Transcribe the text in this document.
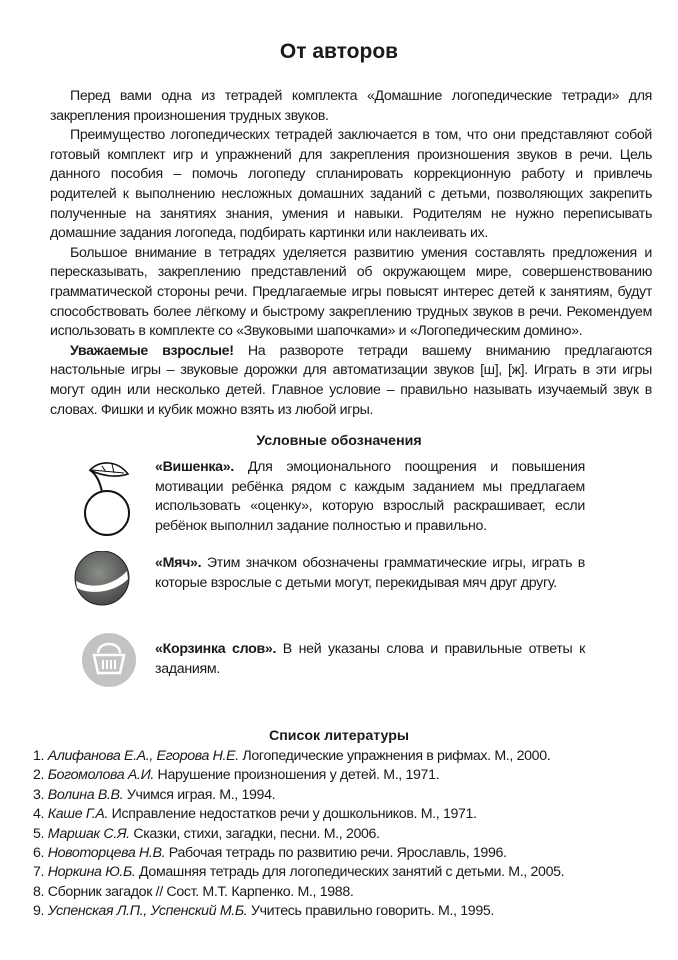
От авторов

Перед вами одна из тетрадей комплекта «Домашние логопедические тетради» для закрепления произношения трудных звуков.

Преимущество логопедических тетрадей заключается в том, что они представляют собой готовый комплект игр и упражнений для закрепления произношения звуков в речи. Цель данного пособия – помочь логопеду спланировать коррекционную работу и привлечь родителей к выполнению несложных домашних заданий с детьми, позволяющих закрепить полученные на занятиях знания, умения и навыки. Родителям не нужно переписывать домашние задания логопеда, подбирать картинки или наклеивать их.

Большое внимание в тетрадях уделяется развитию умения составлять предложения и пересказывать, закреплению представлений об окружающем мире, совершенствованию грамматической стороны речи. Предлагаемые игры повысят интерес детей к занятиям, будут способствовать более лёгкому и быстрому закреплению трудных звуков в речи. Рекомендуем использовать в комплекте со «Звуковыми шапочками» и «Логопедическим домино».

Уважаемые взрослые! На развороте тетради вашему вниманию предлагаются настольные игры – звуковые дорожки для автоматизации звуков [ш], [ж]. Играть в эти игры могут один или несколько детей. Главное условие – правильно называть изучаемый звук в словах. Фишки и кубик можно взять из любой игры.

Условные обозначения
«Вишенка». Для эмоционального поощрения и повышения мотивации ребёнка рядом с каждым заданием мы предлагаем использовать «оценку», которую взрослый раскрашивает, если ребёнок выполнил задание полностью и правильно.
«Мяч». Этим значком обозначены грамматические игры, играть в которые взрослые с детьми могут, перекидывая мяч друг другу.
«Корзинка слов». В ней указаны слова и правильные ответы к заданиям.
Список литературы
1. Алифанова Е.А., Егорова Н.Е. Логопедические упражнения в рифмах. М., 2000.
2. Богомолова А.И. Нарушение произношения у детей. М., 1971.
3. Волина В.В. Учимся играя. М., 1994.
4. Каше Г.А. Исправление недостатков речи у дошкольников. М., 1971.
5. Маршак С.Я. Сказки, стихи, загадки, песни. М., 2006.
6. Новоторцева Н.В. Рабочая тетрадь по развитию речи. Ярославль, 1996.
7. Норкина Ю.Б. Домашняя тетрадь для логопедических занятий с детьми. М., 2005.
8. Сборник загадок // Сост. М.Т. Карпенко. М., 1988.
9. Успенская Л.П., Успенский М.Б. Учитесь правильно говорить. М., 1995.
